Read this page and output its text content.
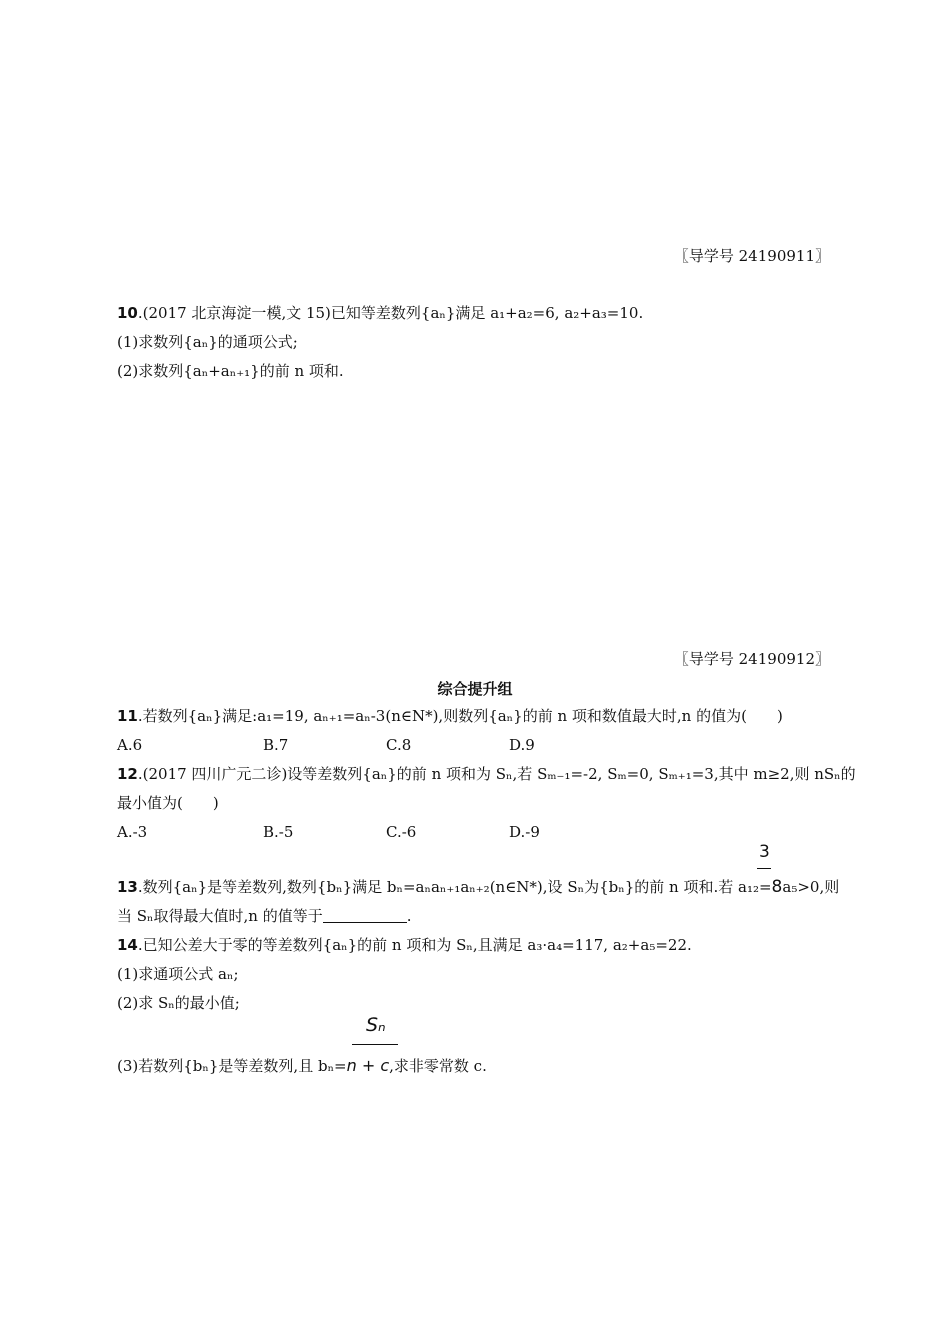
〖导学号 24190911〗
10.(2017 北京海淀一模,文 15)已知等差数列{aₙ}满足 a₁+a₂=6, a₂+a₃=10.
(1)求数列{aₙ}的通项公式;
(2)求数列{aₙ+aₙ₊₁}的前 n 项和.
〖导学号 24190912〗
综合提升组
11.若数列{aₙ}满足:a₁=19, aₙ₊₁=aₙ-3(n∈N*),则数列{aₙ}的前 n 项和数值最大时,n 的值为(　　)
A.6	B.7	C.8	D.9
12.(2017 四川广元二诊)设等差数列{aₙ}的前 n 项和为 Sₙ,若 Sₘ₋₁=-2, Sₘ=0, Sₘ₊₁=3,其中 m≥2,则 nSₙ的
最小值为(　　)
A.-3	B.-5	C.-6	D.-9
3
13.数列{aₙ}是等差数列,数列{bₙ}满足 bₙ=aₙaₙ₊₁aₙ₊₂(n∈N*),设 Sₙ为{bₙ}的前 n 项和.若 a₁₂=8a₅>0,则
当 Sₙ取得最大值时,n 的值等于	.
14.已知公差大于零的等差数列{aₙ}的前 n 项和为 Sₙ,且满足 a₃·a₄=117, a₂+a₅=22.
(1)求通项公式 aₙ;
(2)求 Sₙ的最小值;
Sₙ
(3)若数列{bₙ}是等差数列,且 bₙ=n + c,求非零常数 c.
